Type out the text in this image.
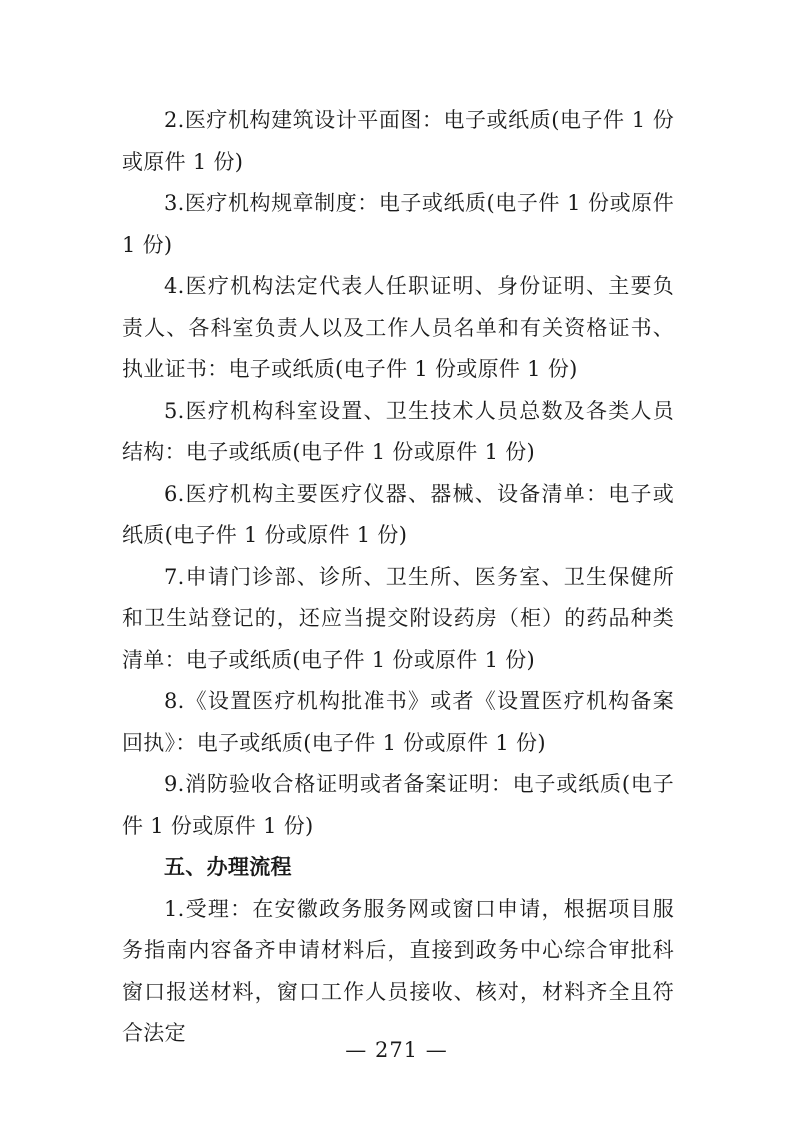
2.医疗机构建筑设计平面图：电子或纸质(电子件 1 份或原件 1 份)

3.医疗机构规章制度：电子或纸质(电子件 1 份或原件 1 份)

4.医疗机构法定代表人任职证明、身份证明、主要负责人、各科室负责人以及工作人员名单和有关资格证书、执业证书：电子或纸质(电子件 1 份或原件 1 份)

5.医疗机构科室设置、卫生技术人员总数及各类人员结构：电子或纸质(电子件 1 份或原件 1 份)

6.医疗机构主要医疗仪器、器械、设备清单：电子或纸质(电子件 1 份或原件 1 份)

7.申请门诊部、诊所、卫生所、医务室、卫生保健所和卫生站登记的，还应当提交附设药房（柜）的药品种类清单：电子或纸质(电子件 1 份或原件 1 份)

8.《设置医疗机构批准书》或者《设置医疗机构备案回执》：电子或纸质(电子件 1 份或原件 1 份)

9.消防验收合格证明或者备案证明：电子或纸质(电子件 1 份或原件 1 份)

五、办理流程

1.受理：在安徽政务服务网或窗口申请，根据项目服务指南内容备齐申请材料后，直接到政务中心综合审批科窗口报送材料，窗口工作人员接收、核对，材料齐全且符合法定

— 271 —
